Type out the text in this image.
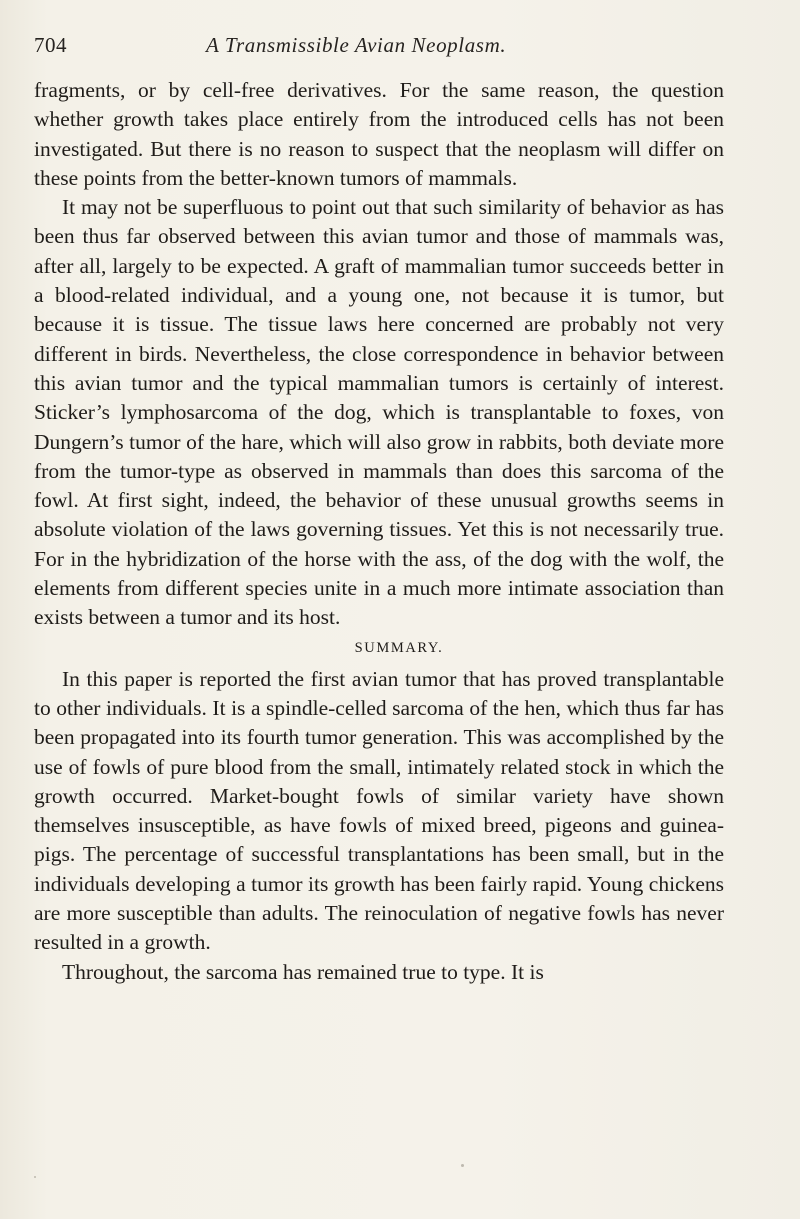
704	A Transmissible Avian Neoplasm.

fragments, or by cell-free derivatives. For the same reason, the question whether growth takes place entirely from the introduced cells has not been investigated. But there is no reason to suspect that the neoplasm will differ on these points from the better-known tumors of mammals.

It may not be superfluous to point out that such similarity of behavior as has been thus far observed between this avian tumor and those of mammals was, after all, largely to be expected. A graft of mammalian tumor succeeds better in a blood-related individual, and a young one, not because it is tumor, but because it is tissue. The tissue laws here concerned are probably not very different in birds. Nevertheless, the close correspondence in behavior between this avian tumor and the typical mammalian tumors is certainly of interest. Sticker’s lymphosarcoma of the dog, which is transplantable to foxes, von Dungern’s tumor of the hare, which will also grow in rabbits, both deviate more from the tumor-type as observed in mammals than does this sarcoma of the fowl. At first sight, indeed, the behavior of these unusual growths seems in absolute violation of the laws governing tissues. Yet this is not necessarily true. For in the hybridization of the horse with the ass, of the dog with the wolf, the elements from different species unite in a much more intimate association than exists between a tumor and its host.

SUMMARY.

In this paper is reported the first avian tumor that has proved transplantable to other individuals. It is a spindle-celled sarcoma of the hen, which thus far has been propagated into its fourth tumor generation. This was accomplished by the use of fowls of pure blood from the small, intimately related stock in which the growth occurred. Market-bought fowls of similar variety have shown themselves insusceptible, as have fowls of mixed breed, pigeons and guinea-pigs. The percentage of successful transplantations has been small, but in the individuals developing a tumor its growth has been fairly rapid. Young chickens are more susceptible than adults. The reinoculation of negative fowls has never resulted in a growth.

Throughout, the sarcoma has remained true to type. It is
